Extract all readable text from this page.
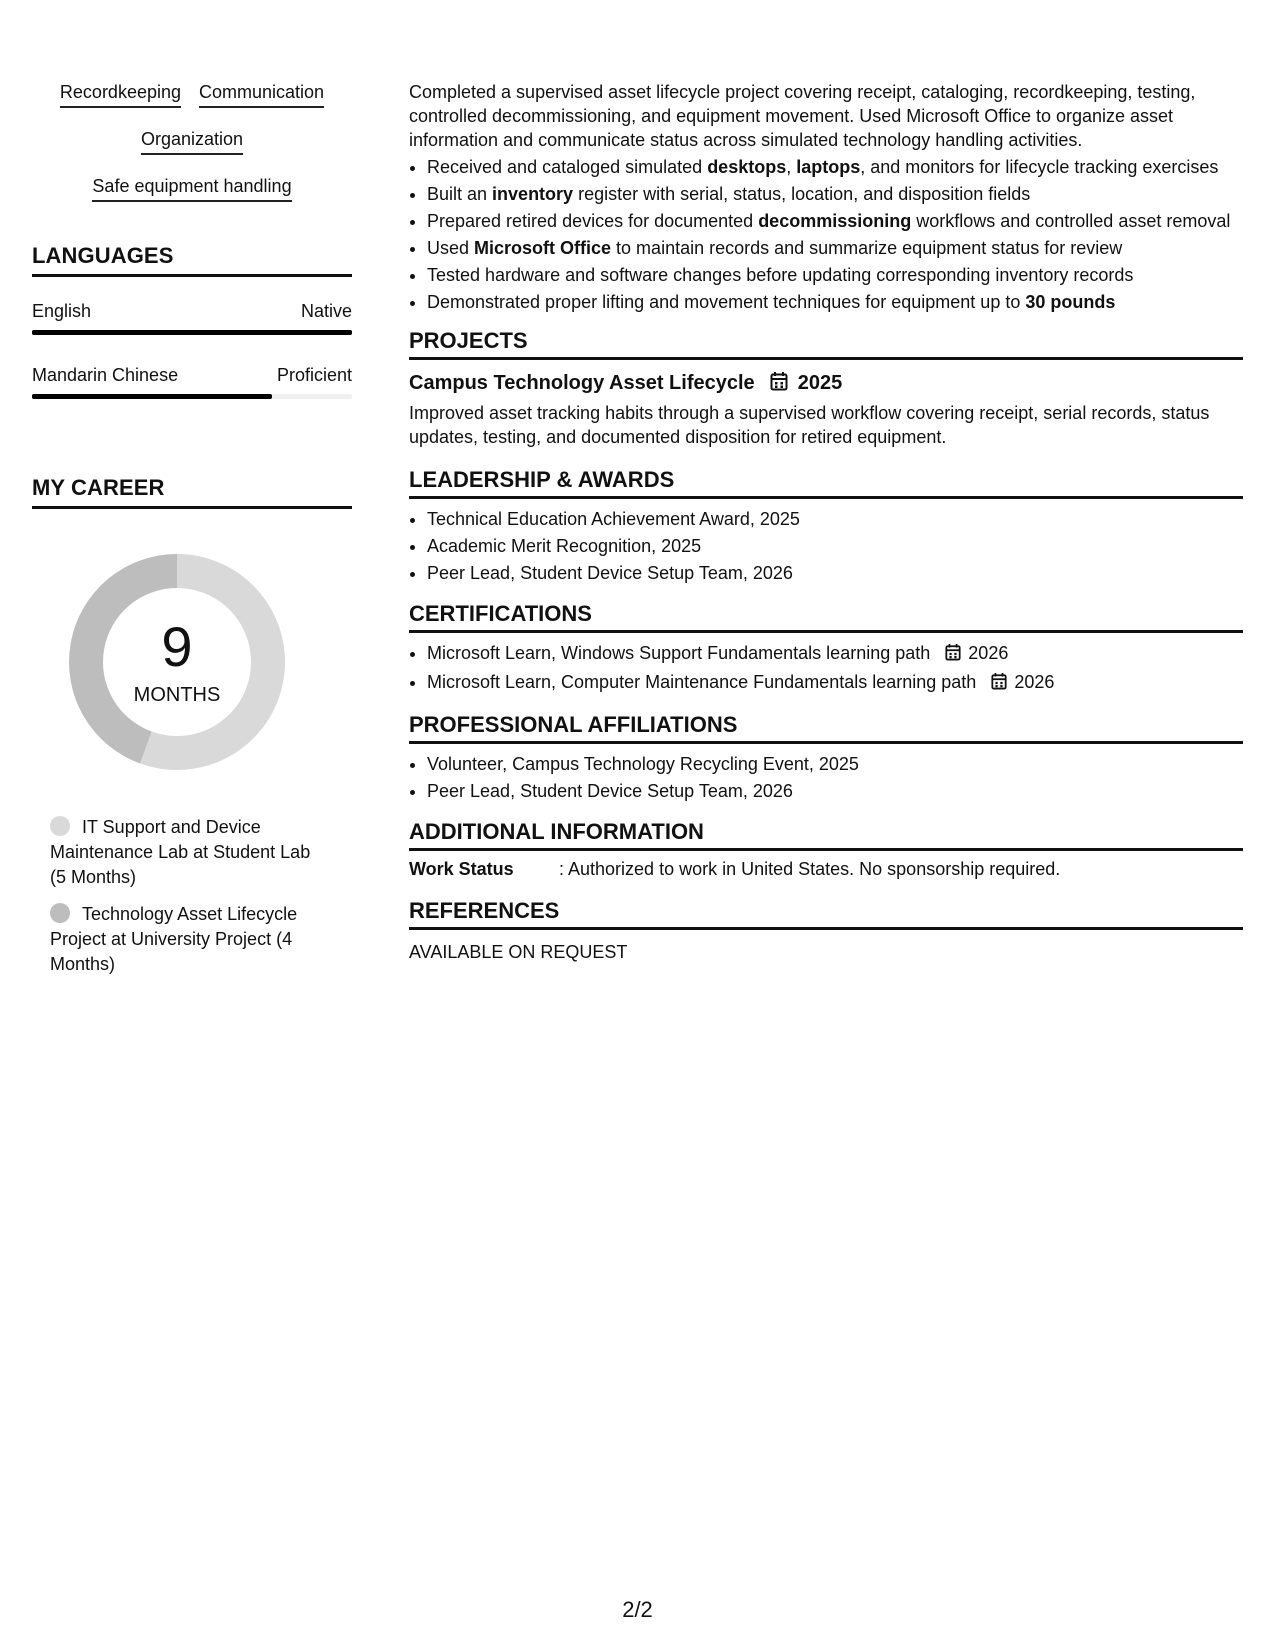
Recordkeeping Communication
Organization
Safe equipment handling
LANGUAGES
English	Native
Mandarin Chinese	Proficient
MY CAREER
9
MONTHS
IT Support and Device Maintenance Lab at Student Lab (5 Months)
Technology Asset Lifecycle Project at University Project (4 Months)

Completed a supervised asset lifecycle project covering receipt, cataloging, recordkeeping, testing, controlled decommissioning, and equipment movement. Used Microsoft Office to organize asset information and communicate status across simulated technology handling activities.

• Received and cataloged simulated desktops, laptops, and monitors for lifecycle tracking exercises
• Built an inventory register with serial, status, location, and disposition fields
• Prepared retired devices for documented decommissioning workflows and controlled asset removal
• Used Microsoft Office to maintain records and summarize equipment status for review
• Tested hardware and software changes before updating corresponding inventory records
• Demonstrated proper lifting and movement techniques for equipment up to 30 pounds
PROJECTS
Campus Technology Asset Lifecycle 2025

Improved asset tracking habits through a supervised workflow covering receipt, serial records, status updates, testing, and documented disposition for retired equipment.

LEADERSHIP & AWARDS
• Technical Education Achievement Award, 2025
• Academic Merit Recognition, 2025
• Peer Lead, Student Device Setup Team, 2026
CERTIFICATIONS
• Microsoft Learn, Windows Support Fundamentals learning path 2026
• Microsoft Learn, Computer Maintenance Fundamentals learning path 2026
PROFESSIONAL AFFILIATIONS
• Volunteer, Campus Technology Recycling Event, 2025
• Peer Lead, Student Device Setup Team, 2026
ADDITIONAL INFORMATION
Work Status	: Authorized to work in United States. No sponsorship required.
REFERENCES

AVAILABLE ON REQUEST

2/2
